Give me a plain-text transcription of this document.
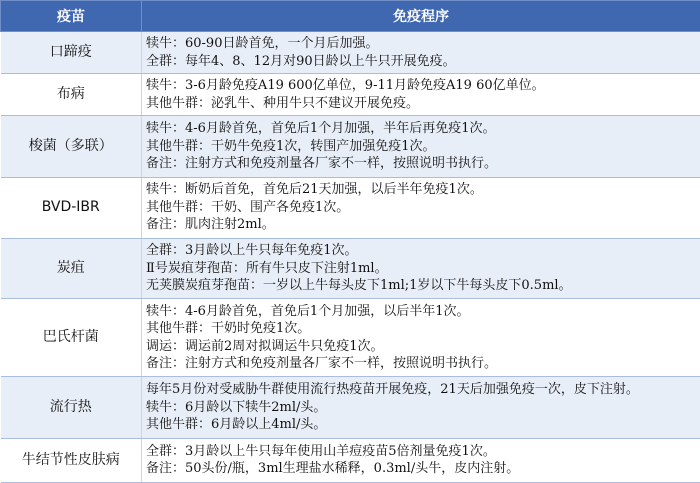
疫苗	免疫程序
口蹄疫	犊牛：60-90日龄首免，一个月后加强。
全群：每年4、8、12月对90日龄以上牛只开展免疫。

布病	犊牛：3-6月龄免疫A19 600亿单位，9-11月龄免疫A19 60亿单位。
其他牛群：泌乳牛、种用牛只不建议开展免疫。

梭菌（多联）	犊牛：4-6月龄首免，首免后1个月加强，半年后再免疫1次。
其他牛群：干奶牛免疫1次，转围产加强免疫1次。
备注：注射方式和免疫剂量各厂家不一样，按照说明书执行。

BVD-IBR	犊牛：断奶后首免，首免后21天加强，以后半年免疫1次。
其他牛群：干奶、围产各免疫1次。
备注：肌肉注射2ml。

炭疽	全群：3月龄以上牛只每年免疫1次。
Ⅱ号炭疽芽孢苗：所有牛只皮下注射1ml。
无荚膜炭疽芽孢苗：一岁以上牛每头皮下1ml;1岁以下牛每头皮下0.5ml。

巴氏杆菌	犊牛：4-6月龄首免，首免后1个月加强，以后半年1次。
其他牛群：干奶时免疫1次。
调运：调运前2周对拟调运牛只免疫1次。
备注：注射方式和免疫剂量各厂家不一样，按照说明书执行。

流行热	每年5月份对受威胁牛群使用流行热疫苗开展免疫，21天后加强免疫一次，皮下注射。
犊牛：6月龄以下犊牛2ml/头。
其他牛群：6月龄以上4ml/头。

牛结节性皮肤病	全群：3月龄以上牛只每年使用山羊痘疫苗5倍剂量免疫1次。
备注：50头份/瓶，3ml生理盐水稀释，0.3ml/头牛，皮内注射。
